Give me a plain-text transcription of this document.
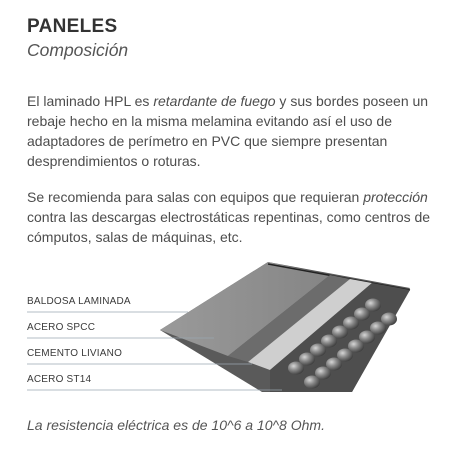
PANELES
Composición

El laminado HPL es retardante de fuego y sus bordes poseen un rebaje hecho en la misma melamina evitando así el uso de adaptadores de perímetro en PVC que siempre presentan desprendimientos o roturas.

Se recomienda para salas con equipos que requieran protección contra las descargas electrostáticas repentinas, como centros de cómputos, salas de máquinas, etc.

BALDOSA LAMINADA
ACERO SPCC
CEMENTO LIVIANO
ACERO ST14
La resistencia eléctrica es de 10^6 a 10^8 Ohm.
